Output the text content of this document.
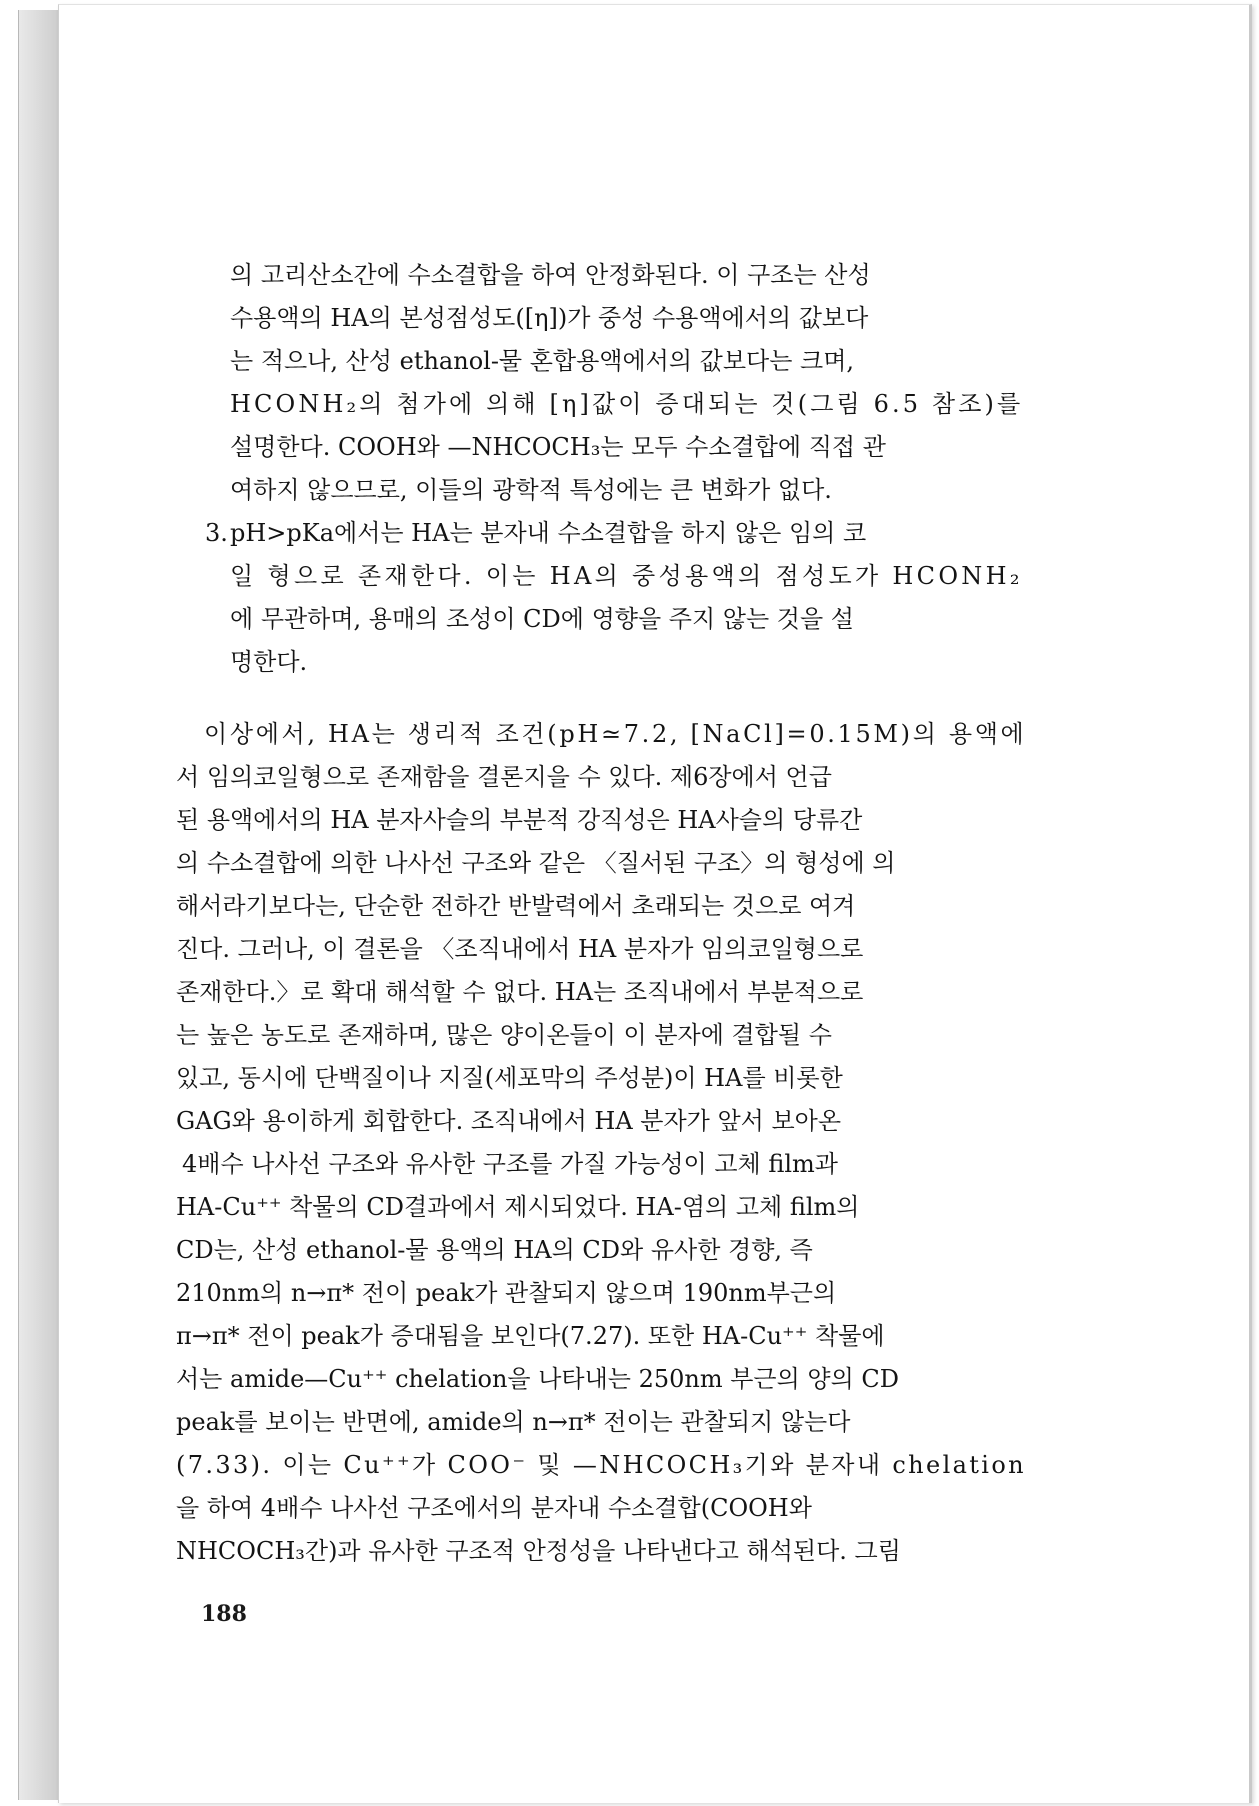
의 고리산소간에 수소결합을 하여 안정화된다. 이 구조는 산성
수용액의 HA의 본성점성도([η])가 중성 수용액에서의 값보다
는 적으나, 산성 ethanol-물 혼합용액에서의 값보다는 크며,
HCONH₂의 첨가에 의해 [η]값이 증대되는 것(그림 6.5 참조)를
설명한다. COOH와 —NHCOCH₃는 모두 수소결합에 직접 관
여하지 않으므로, 이들의 광학적 특성에는 큰 변화가 없다.
3. pH>pKa에서는 HA는 분자내 수소결합을 하지 않은 임의 코
일 형으로 존재한다. 이는 HA의 중성용액의 점성도가 HCONH₂
에 무관하며, 용매의 조성이 CD에 영향을 주지 않는 것을 설
명한다.
이상에서, HA는 생리적 조건(pH≃7.2, [NaCl]=0.15M)의 용액에
서 임의코일형으로 존재함을 결론지을 수 있다. 제6장에서 언급
된 용액에서의 HA 분자사슬의 부분적 강직성은 HA사슬의 당류간
의 수소결합에 의한 나사선 구조와 같은 〈질서된 구조〉의 형성에 의
해서라기보다는, 단순한 전하간 반발력에서 초래되는 것으로 여겨
진다. 그러나, 이 결론을 〈조직내에서 HA 분자가 임의코일형으로
존재한다.〉로 확대 해석할 수 없다. HA는 조직내에서 부분적으로
는 높은 농도로 존재하며, 많은 양이온들이 이 분자에 결합될 수
있고, 동시에 단백질이나 지질(세포막의 주성분)이 HA를 비롯한
GAG와 용이하게 회합한다. 조직내에서 HA 분자가 앞서 보아온
4배수 나사선 구조와 유사한 구조를 가질 가능성이 고체 film과
HA-Cu⁺⁺ 착물의 CD결과에서 제시되었다. HA-염의 고체 film의
CD는, 산성 ethanol-물 용액의 HA의 CD와 유사한 경향, 즉
210nm의 n→π* 전이 peak가 관찰되지 않으며 190nm부근의
π→π* 전이 peak가 증대됨을 보인다(7.27). 또한 HA-Cu⁺⁺ 착물에
서는 amide—Cu⁺⁺ chelation을 나타내는 250nm 부근의 양의 CD
peak를 보이는 반면에, amide의 n→π* 전이는 관찰되지 않는다
(7.33). 이는 Cu⁺⁺가 COO⁻ 및 —NHCOCH₃기와 분자내 chelation
을 하여 4배수 나사선 구조에서의 분자내 수소결합(COOH와
NHCOCH₃간)과 유사한 구조적 안정성을 나타낸다고 해석된다. 그림
188
